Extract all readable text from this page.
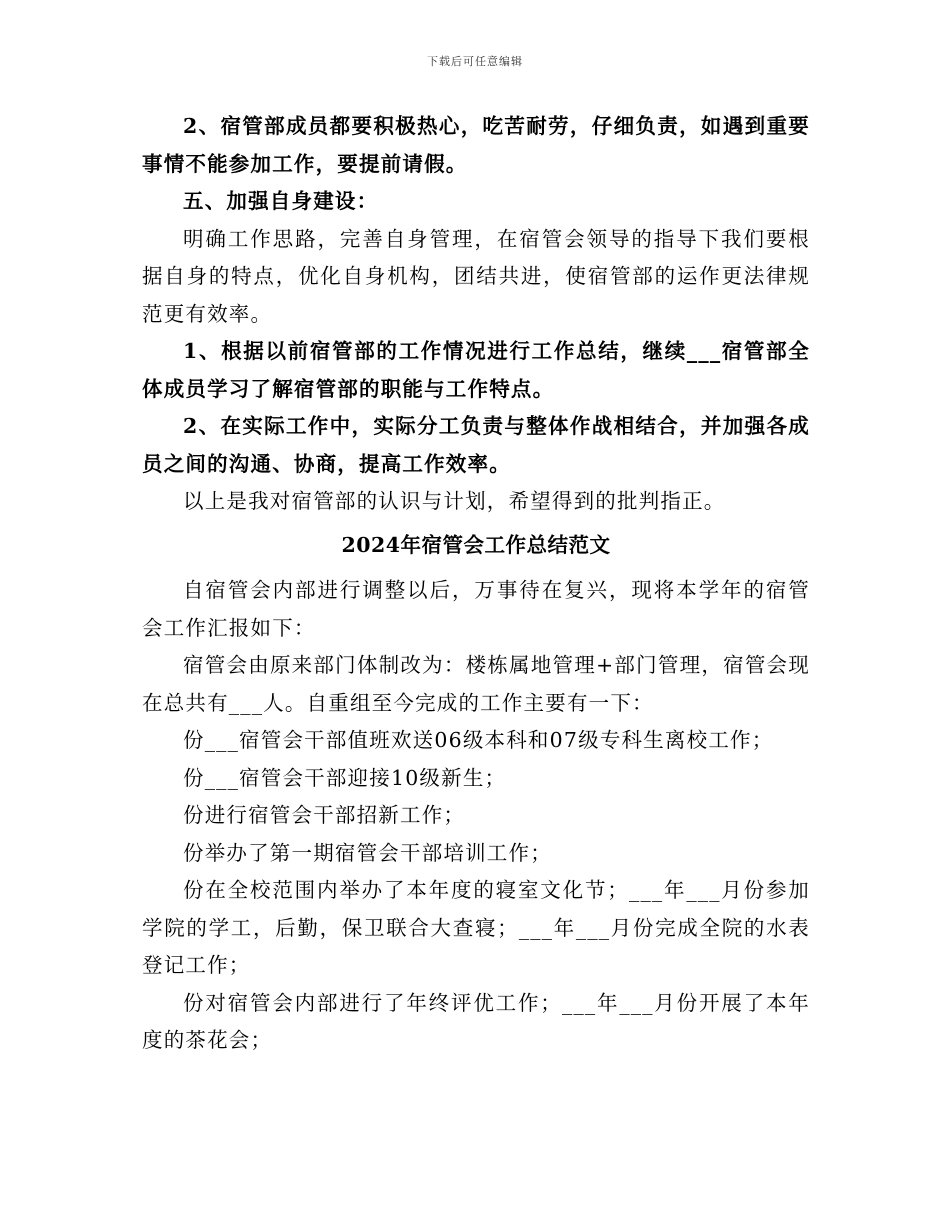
下载后可任意编辑

2、宿管部成员都要积极热心，吃苦耐劳，仔细负责，如遇到重要事情不能参加工作，要提前请假。

五、加强自身建设：

明确工作思路，完善自身管理，在宿管会领导的指导下我们要根据自身的特点，优化自身机构，团结共进，使宿管部的运作更法律规范更有效率。

1、根据以前宿管部的工作情况进行工作总结，继续___宿管部全体成员学习了解宿管部的职能与工作特点。

2、在实际工作中，实际分工负责与整体作战相结合，并加强各成员之间的沟通、协商，提高工作效率。

以上是我对宿管部的认识与计划，希望得到的批判指正。

2024年宿管会工作总结范文

自宿管会内部进行调整以后，万事待在复兴，现将本学年的宿管会工作汇报如下：

宿管会由原来部门体制改为：楼栋属地管理+部门管理，宿管会现在总共有___人。自重组至今完成的工作主要有一下：

份___宿管会干部值班欢送06级本科和07级专科生离校工作；

份___宿管会干部迎接10级新生；

份进行宿管会干部招新工作；

份举办了第一期宿管会干部培训工作；

份在全校范围内举办了本年度的寝室文化节；___年___月份参加学院的学工，后勤，保卫联合大查寝；___年___月份完成全院的水表登记工作；

份对宿管会内部进行了年终评优工作；___年___月份开展了本年度的茶花会；
